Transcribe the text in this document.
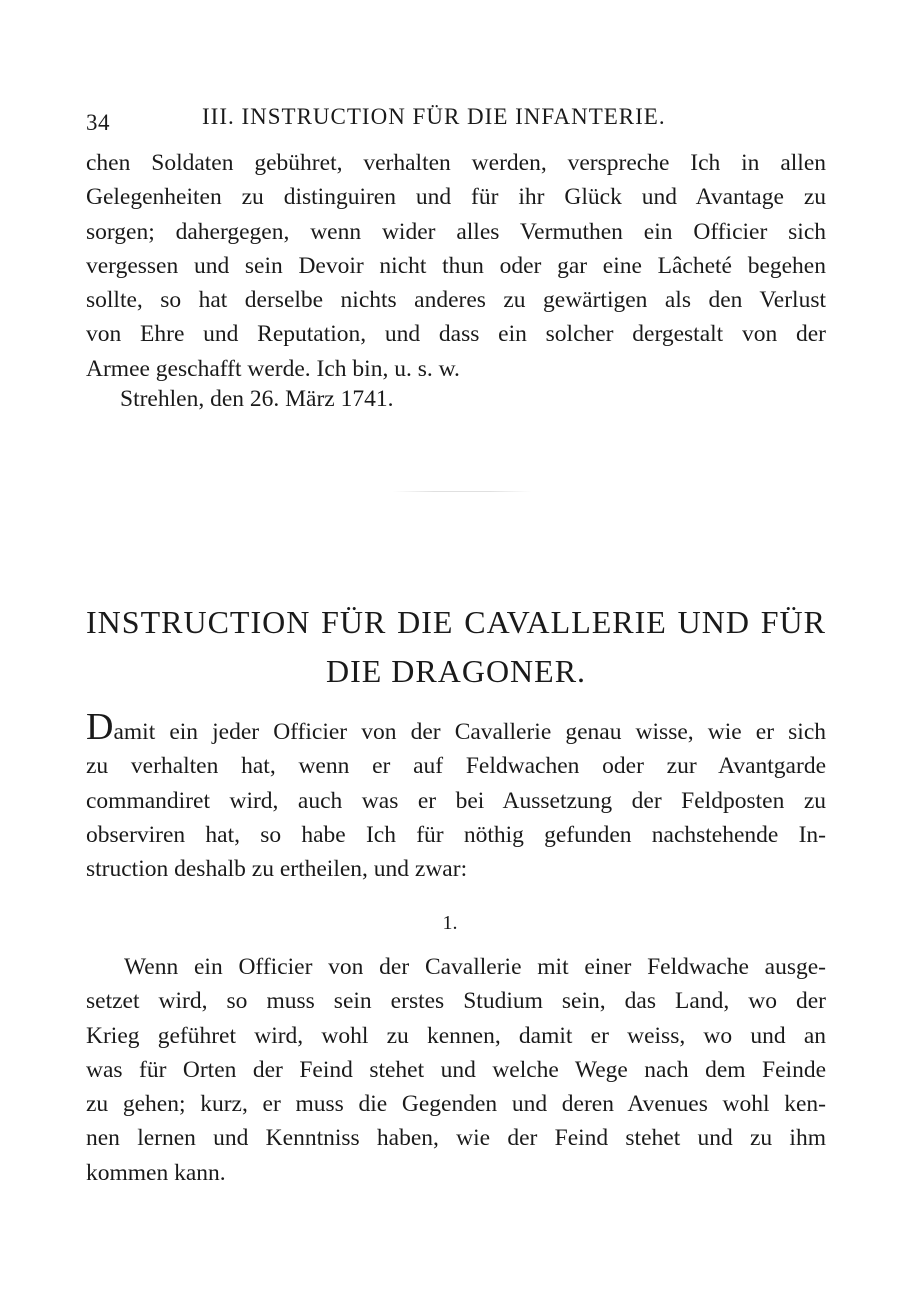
34	III. INSTRUCTION FÜR DIE INFANTERIE.
chen Soldaten gebühret, verhalten werden, verspreche Ich in allen
Gelegenheiten zu distinguiren und für ihr Glück und Avantage zu
sorgen; dahergegen, wenn wider alles Vermuthen ein Officier sich
vergessen und sein Devoir nicht thun oder gar eine Lâcheté begehen
sollte, so hat derselbe nichts anderes zu gewärtigen als den Verlust
von Ehre und Reputation, und dass ein solcher dergestalt von der
Armee geschafft werde. Ich bin, u. s. w.
Strehlen, den 26. März 1741.
INSTRUCTION FÜR DIE CAVALLERIE UND FÜR
DIE DRAGONER.
Damit ein jeder Officier von der Cavallerie genau wisse, wie er sich
zu verhalten hat, wenn er auf Feldwachen oder zur Avantgarde
commandiret wird, auch was er bei Aussetzung der Feldposten zu
observiren hat, so habe Ich für nöthig gefunden nachstehende In-
struction deshalb zu ertheilen, und zwar:
1.
Wenn ein Officier von der Cavallerie mit einer Feldwache ausge-
setzet wird, so muss sein erstes Studium sein, das Land, wo der
Krieg geführet wird, wohl zu kennen, damit er weiss, wo und an
was für Orten der Feind stehet und welche Wege nach dem Feinde
zu gehen; kurz, er muss die Gegenden und deren Avenues wohl ken-
nen lernen und Kenntniss haben, wie der Feind stehet und zu ihm
kommen kann.
